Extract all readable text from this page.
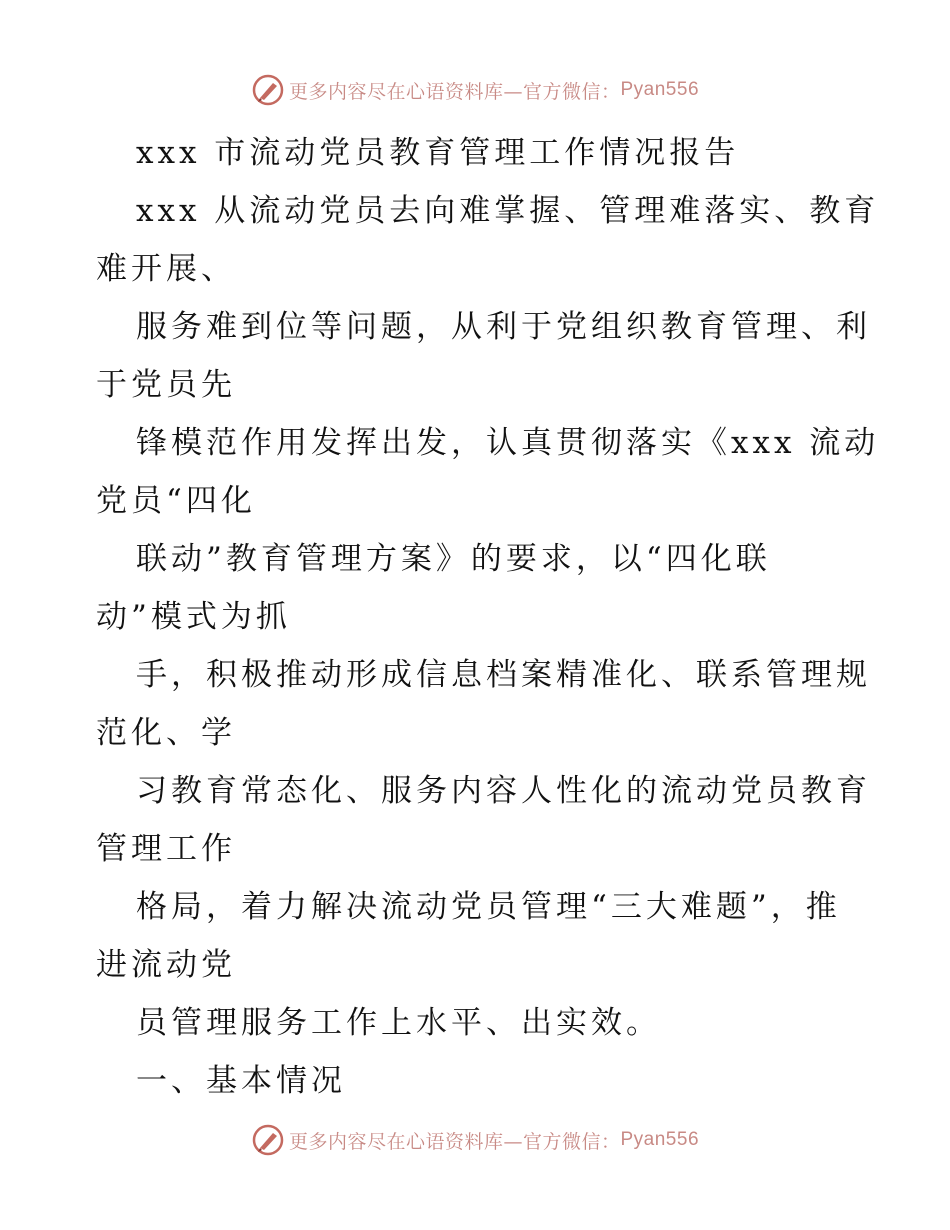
更多内容尽在心语资料库—官方微信： Pyan556
xxx 市流动党员教育管理工作情况报告
xxx 从流动党员去向难掌握、管理难落实、教育
难开展、
服务难到位等问题，从利于党组织教育管理、利
于党员先
锋模范作用发挥出发，认真贯彻落实《xxx 流动
党员“四化
联动”教育管理方案》的要求，以“四化联
动”模式为抓
手，积极推动形成信息档案精准化、联系管理规
范化、学
习教育常态化、服务内容人性化的流动党员教育
管理工作
格局，着力解决流动党员管理“三大难题”，推
进流动党
员管理服务工作上水平、出实效。
一、基本情况
更多内容尽在心语资料库—官方微信： Pyan556
